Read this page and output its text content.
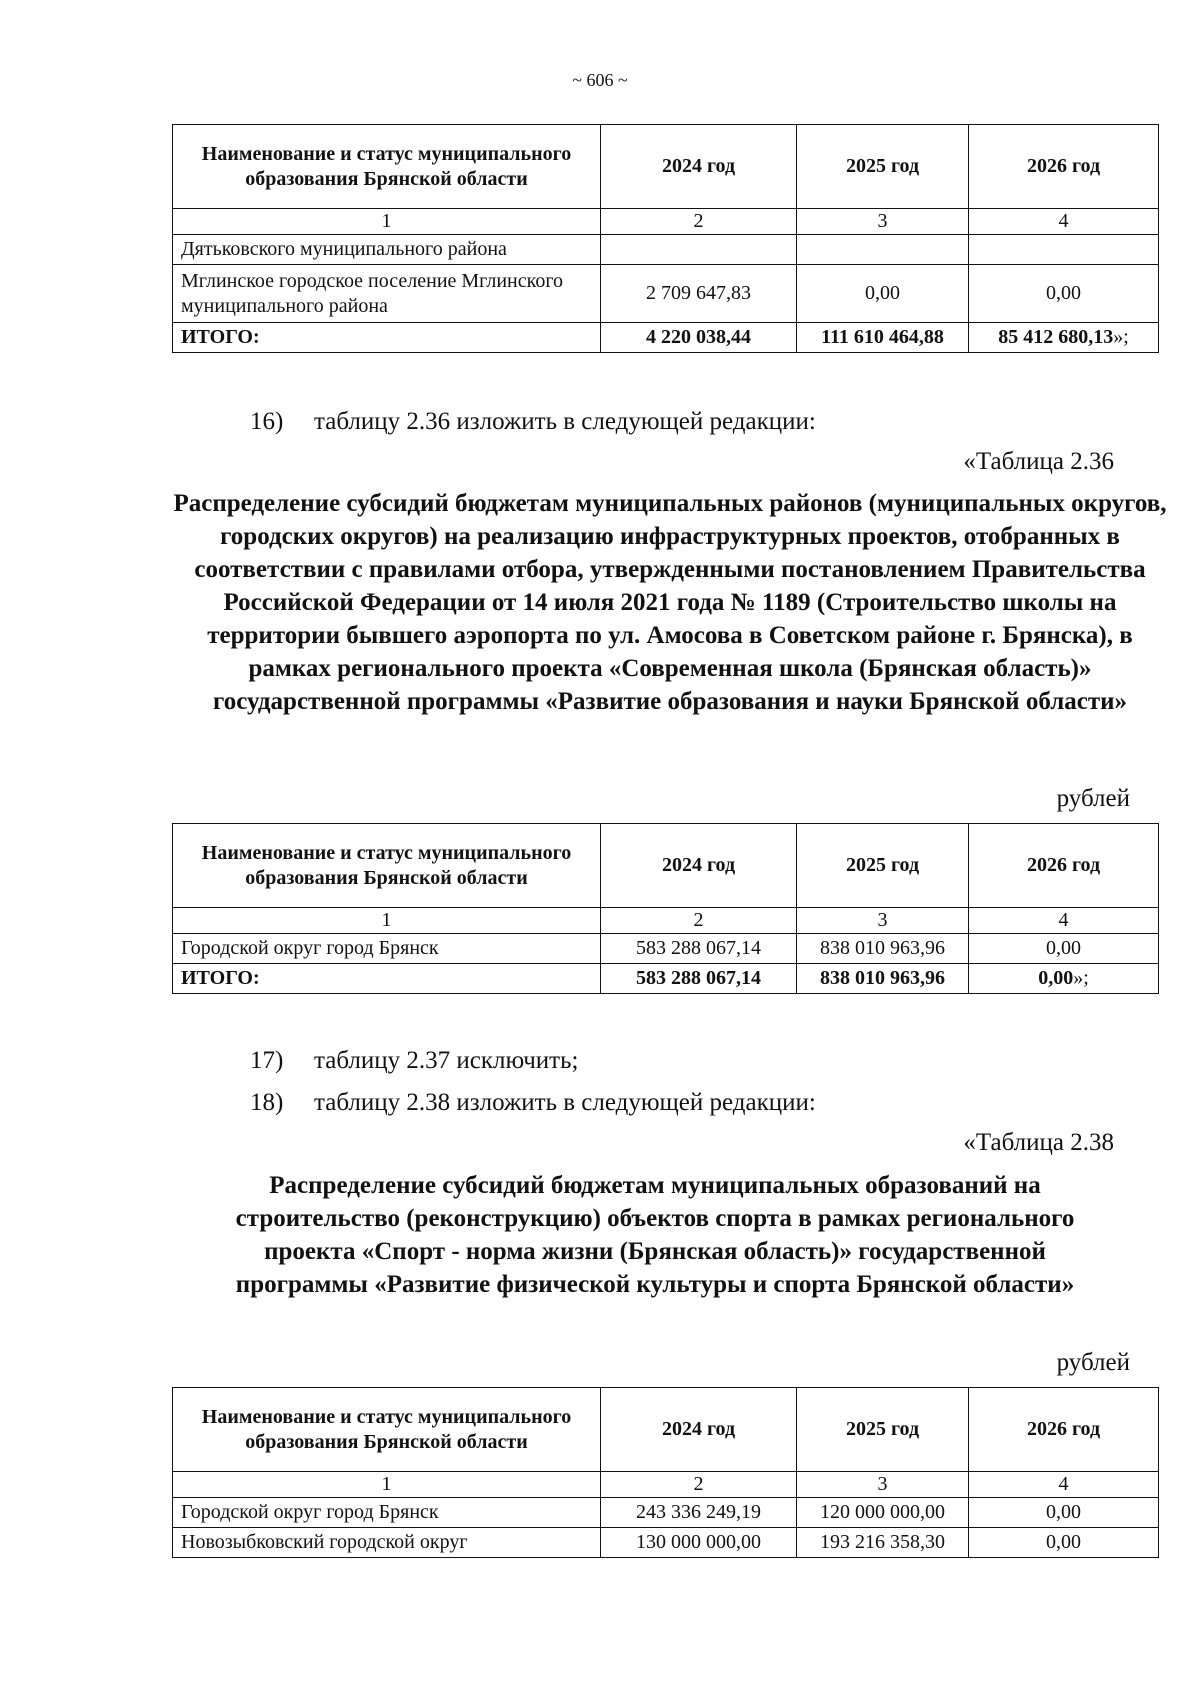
~ 606 ~
Наименование и статус муниципального образования Брянской области	2024 год	2025 год	2026 год
1	2	3	4
Дятьковского муниципального района			
Мглинское городское поселение Мглинского муниципального района	2 709 647,83	0,00	0,00
ИТОГО:	4 220 038,44	111 610 464,88	85 412 680,13»;
16) таблицу 2.36 изложить в следующей редакции:
«Таблица 2.36
Распределение субсидий бюджетам муниципальных районов (муниципальных округов, городских округов) на реализацию инфраструктурных проектов, отобранных в соответствии с правилами отбора, утвержденными постановлением Правительства Российской Федерации от 14 июля 2021 года № 1189 (Строительство школы на территории бывшего аэропорта по ул. Амосова в Советском районе г. Брянска), в рамках регионального проекта «Современная школа (Брянская область)» государственной программы «Развитие образования и науки Брянской области»
рублей
Наименование и статус муниципального образования Брянской области	2024 год	2025 год	2026 год
1	2	3	4
Городской округ город Брянск	583 288 067,14	838 010 963,96	0,00
ИТОГО:	583 288 067,14	838 010 963,96	0,00»;
17) таблицу 2.37 исключить;
18) таблицу 2.38 изложить в следующей редакции:
«Таблица 2.38
Распределение субсидий бюджетам муниципальных образований на строительство (реконструкцию) объектов спорта в рамках регионального проекта «Спорт - норма жизни (Брянская область)» государственной программы «Развитие физической культуры и спорта Брянской области»
рублей
Наименование и статус муниципального образования Брянской области	2024 год	2025 год	2026 год
1	2	3	4
Городской округ город Брянск	243 336 249,19	120 000 000,00	0,00
Новозыбковский городской округ	130 000 000,00	193 216 358,30	0,00
